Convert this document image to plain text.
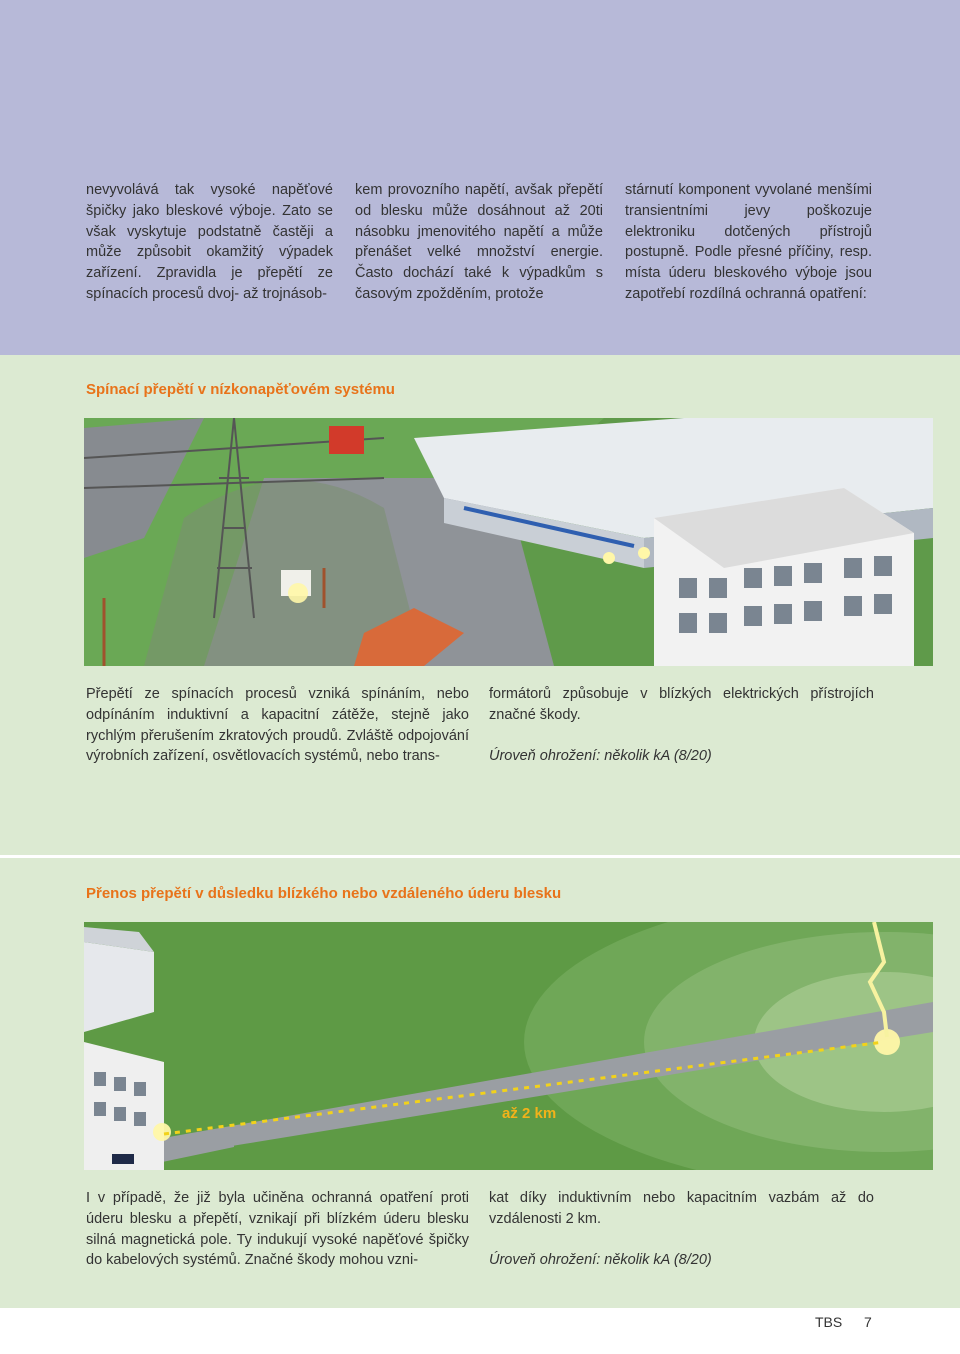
nevyvolává tak vysoké napěťové špičky jako bleskové výboje. Zato se však vyskytuje podstatně častěji a může způsobit okamžitý výpadek zařízení. Zpravidla je přepětí ze spínacích procesů dvoj- až trojnásob-

kem provozního napětí, avšak přepětí od blesku může dosáhnout až 20ti násobku jmenovitého napětí a může přenášet velké množství energie. Často dochází také k výpadkům s časovým zpožděním, protože

stárnutí komponent vyvolané menšími transientními jevy poškozuje elektroniku dotčených přístrojů postupně. Podle přesné příčiny, resp. místa úderu bleskového výboje jsou zapotřebí rozdílná ochranná opatření:

Spínací přepětí v nízkonapěťovém systému

Přepětí ze spínacích procesů vzniká spínáním, nebo odpínáním induktivní a kapacitní zátěže, stejně jako rychlým přerušením zkratových proudů. Zvláště odpojování výrobních zařízení, osvětlovacích systémů, nebo trans-

formátorů způsobuje v blízkých elektrických přístrojích značné škody.

Úroveň ohrožení: několik kA (8/20)

Přenos přepětí v důsledku blízkého nebo vzdáleného úderu blesku
až 2 km

I v případě, že již byla učiněna ochranná opatření proti úderu blesku a přepětí, vznikají při blízkém úderu blesku silná magnetická pole. Ty indukují vysoké napěťové špičky do kabelových systémů. Značné škody mohou vzni-

kat díky induktivním nebo kapacitním vazbám až do vzdálenosti 2 km.

Úroveň ohrožení: několik kA (8/20)

TBS 7
